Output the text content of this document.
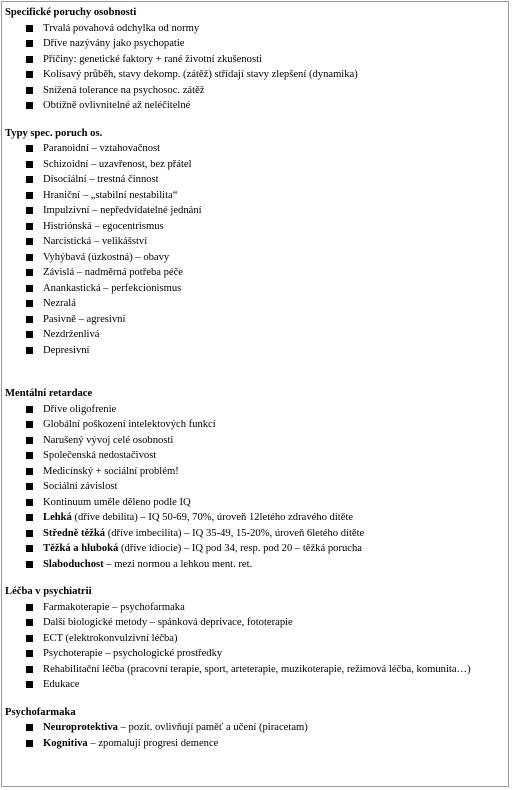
Specifické poruchy osobnosti
Trvalá povahová odchylka od normy
Dříve nazývány jako psychopatie
Příčiny: genetické faktory + rané životní zkušenosti
Kolísavý průběh, stavy dekomp. (zátěž) střídají stavy zlepšení (dynamika)
Snížená tolerance na psychosoc. zátěž
Obtížně ovlivnitelné až neléčitelné
Typy spec. poruch os.
Paranoidní – vztahovačnost
Schizoidní – uzavřenost, bez přátel
Disociální – trestná činnost
Hraniční – „stabilní nestabilita“
Impulzivní – nepředvídatelné jednání
Histriónská – egocentrismus
Narcistická – velikášství
Vyhýbavá (úzkostná) – obavy
Závislá – nadměrná potřeba péče
Anankastická – perfekcionismus
Nezralá
Pasivně – agresivní
Nezdrženlivá
Depresivní
Mentální retardace
Dříve oligofrenie
Globální poškození intelektových funkcí
Narušený vývoj celé osobnosti
Společenská nedostačivost
Medicínský + sociální problém!
Sociální závislost
Kontinuum uměle děleno podle IQ
Lehká (dříve debilita) – IQ 50-69, 70%, úroveň 12letého zdravého dítěte
Středně těžká (dříve imbecilita) – IQ 35-49, 15-20%, úroveň 6letého dítěte
Těžká a hluboká (dříve idiocie) – IQ pod 34, resp. pod 20 – těžká porucha
Slaboduchost – mezi normou a lehkou ment. ret.
Léčba v psychiatrii
Farmakoterapie – psychofarmaka
Další biologické metody – spánková deprivace, fototerapie
ECT (elektrokonvulzivní léčba)
Psychoterapie – psychologické prostředky
Rehabilitační léčba (pracovní terapie, sport, arteterapie, muzikoterapie, režimová léčba, komunita…)
Edukace
Psychofarmaka
Neuroprotektiva – pozit. ovlivňují paměť a učení (piracetam)
Kognitiva – zpomalují progresi demence
